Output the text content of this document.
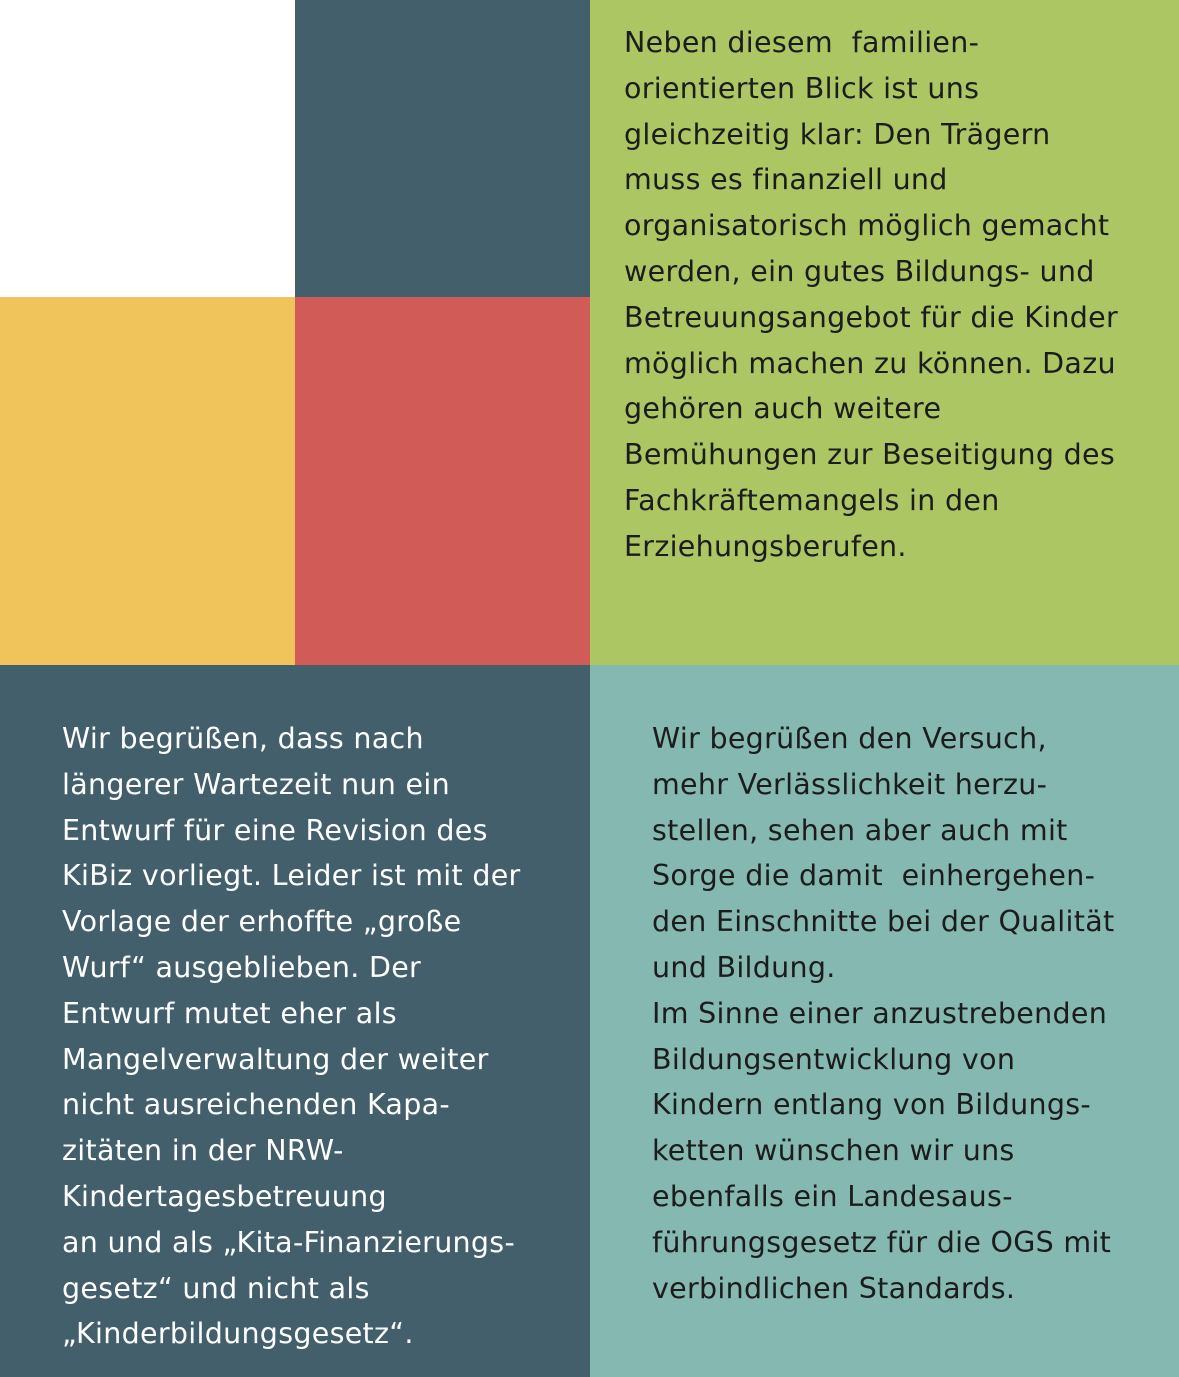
Neben diesem  familien-
orientierten Blick ist uns
gleichzeitig klar: Den Trägern
muss es finanziell und
organisatorisch möglich gemacht
werden, ein gutes Bildungs- und
Betreuungsangebot für die Kinder
möglich machen zu können. Dazu
gehören auch weitere
Bemühungen zur Beseitigung des
Fachkräftemangels in den
Erziehungsberufen.
Wir begrüßen, dass nach
längerer Wartezeit nun ein
Entwurf für eine Revision des
KiBiz vorliegt. Leider ist mit der
Vorlage der erhoffte „große
Wurf“ ausgeblieben. Der
Entwurf mutet eher als
Mangelverwaltung der weiter
nicht ausreichenden Kapa-
zitäten in der NRW-
Kindertagesbetreuung
an und als „Kita-Finanzierungs-
gesetz“ und nicht als
„Kinderbildungsgesetz“.
Wir begrüßen den Versuch,
mehr Verlässlichkeit herzu-
stellen, sehen aber auch mit
Sorge die damit  einhergehen-
den Einschnitte bei der Qualität
und Bildung.
Im Sinne einer anzustrebenden
Bildungsentwicklung von
Kindern entlang von Bildungs-
ketten wünschen wir uns
ebenfalls ein Landesaus-
führungsgesetz für die OGS mit
verbindlichen Standards.
